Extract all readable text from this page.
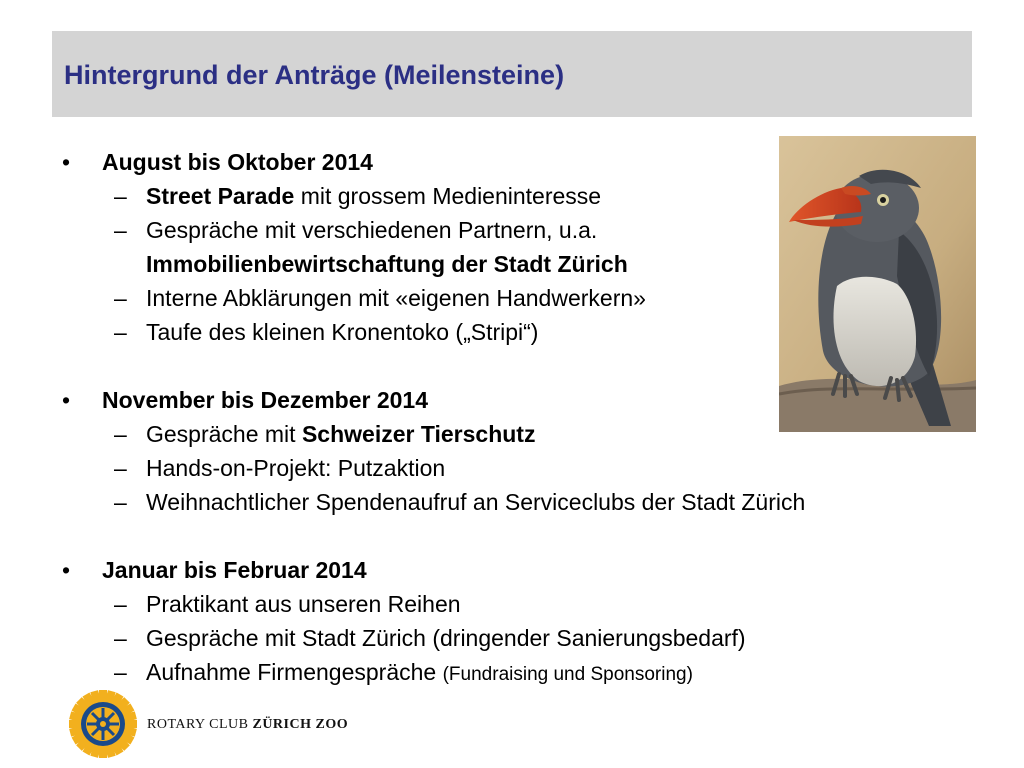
Hintergrund der Anträge (Meilensteine)
• August bis Oktober 2014
– Street Parade mit grossem Medieninteresse
– Gespräche mit verschiedenen Partnern, u.a.
Immobilienbewirtschaftung der Stadt Zürich
– Interne Abklärungen mit «eigenen Handwerkern»
– Taufe des kleinen Kronentoko („Stripi“)
• November bis Dezember 2014
– Gespräche mit Schweizer Tierschutz
– Hands-on-Projekt: Putzaktion
– Weihnachtlicher Spendenaufruf an Serviceclubs der Stadt Zürich
• Januar bis Februar 2014
– Praktikant aus unseren Reihen
– Gespräche mit Stadt Zürich (dringender Sanierungsbedarf)
– Aufnahme Firmengespräche (Fundraising und Sponsoring)
ROTARY
INTERNATIONAL
ROTARY CLUB ZÜRICH ZOO
